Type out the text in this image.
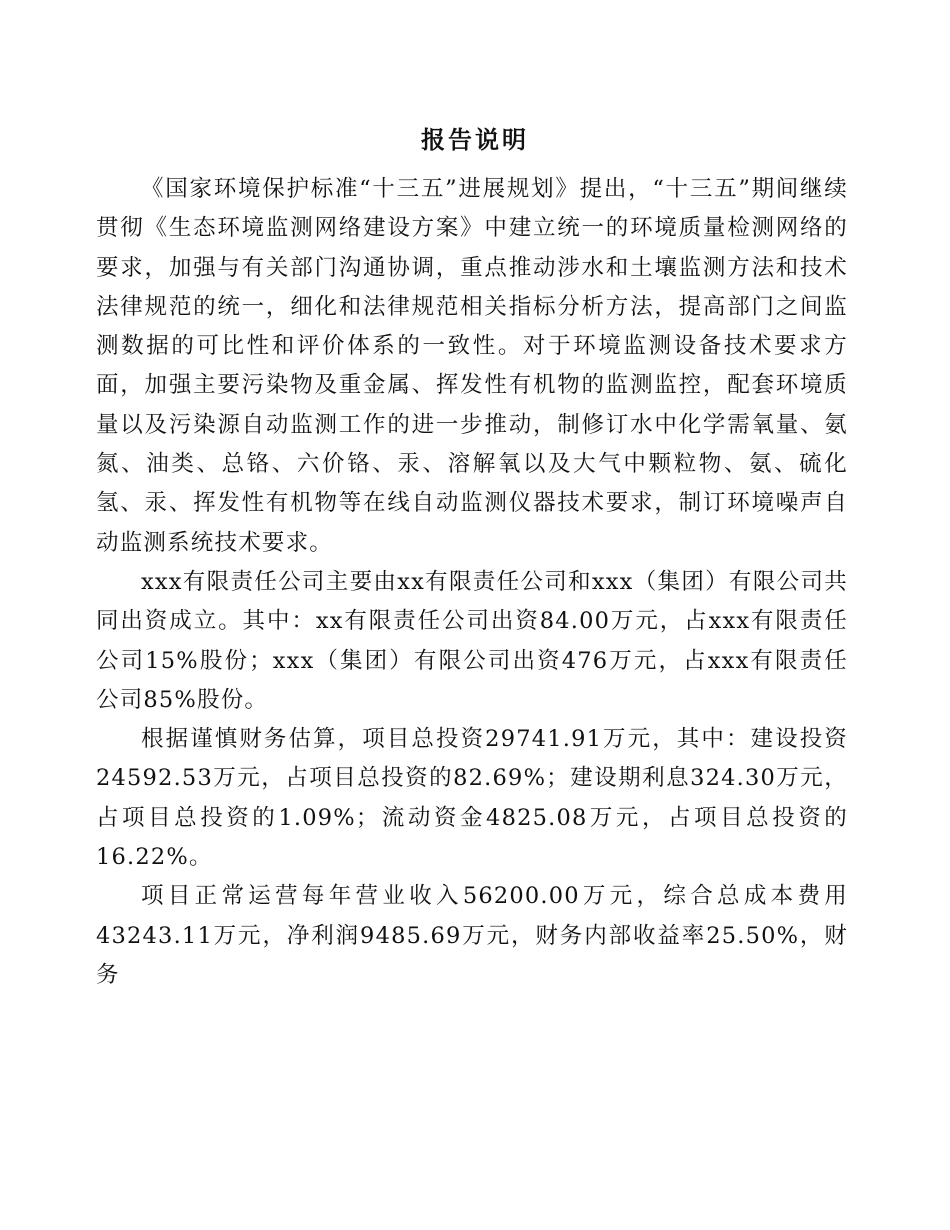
报告说明

《国家环境保护标准“十三五”进展规划》提出，“十三五”期间继续贯彻《生态环境监测网络建设方案》中建立统一的环境质量检测网络的要求，加强与有关部门沟通协调，重点推动涉水和土壤监测方法和技术法律规范的统一，细化和法律规范相关指标分析方法，提高部门之间监测数据的可比性和评价体系的一致性。对于环境监测设备技术要求方面，加强主要污染物及重金属、挥发性有机物的监测监控，配套环境质量以及污染源自动监测工作的进一步推动，制修订水中化学需氧量、氨氮、油类、总铬、六价铬、汞、溶解氧以及大气中颗粒物、氨、硫化氢、汞、挥发性有机物等在线自动监测仪器技术要求，制订环境噪声自动监测系统技术要求。

xxx有限责任公司主要由xx有限责任公司和xxx（集团）有限公司共同出资成立。其中：xx有限责任公司出资84.00万元，占xxx有限责任公司15%股份；xxx（集团）有限公司出资476万元，占xxx有限责任公司85%股份。

根据谨慎财务估算，项目总投资29741.91万元，其中：建设投资24592.53万元，占项目总投资的82.69%；建设期利息324.30万元，占项目总投资的1.09%；流动资金4825.08万元，占项目总投资的16.22%。

项目正常运营每年营业收入56200.00万元，综合总成本费用43243.11万元，净利润9485.69万元，财务内部收益率25.50%，财务
